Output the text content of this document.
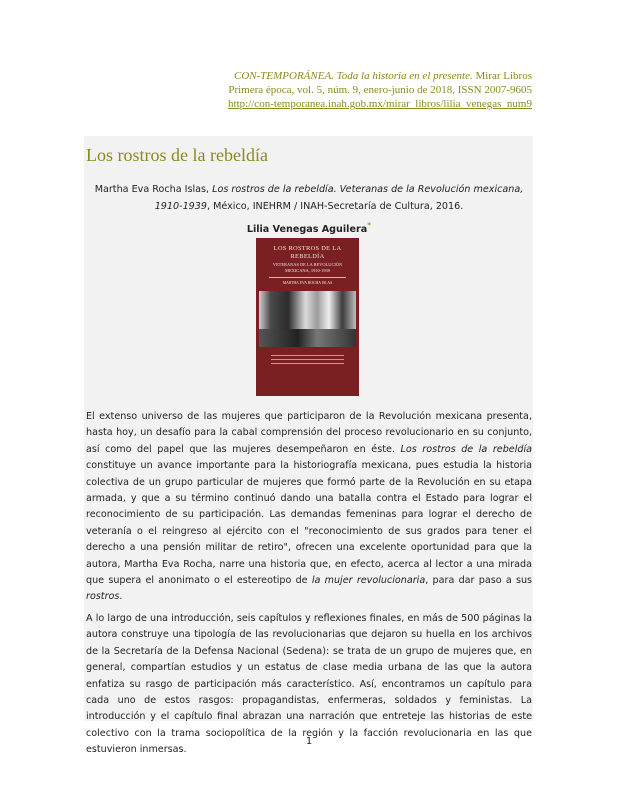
CON-TEMPORÁNEA. Toda la historia en el presente. Mirar Libros
Primera época, vol. 5, núm. 9, enero-junio de 2018, ISSN 2007-9605
http://con-temporanea.inah.gob.mx/mirar_libros/lilia_venegas_num9
Los rostros de la rebeldía
Martha Eva Rocha Islas, Los rostros de la rebeldía. Veteranas de la Revolución mexicana, 1910-1939, México, INEHRM / INAH-Secretaría de Cultura, 2016.
Lilia Venegas Aguilera*
LOS ROSTROS DE LA REBELDÍA
VETERANAS DE LA REVOLUCIÓN MEXICANA, 1910-1939
MARTHA EVA ROCHA ISLAS

El extenso universo de las mujeres que participaron de la Revolución mexicana presenta, hasta hoy, un desafío para la cabal comprensión del proceso revolucionario en su conjunto, así como del papel que las mujeres desempeñaron en éste. Los rostros de la rebeldía constituye un avance importante para la historiografía mexicana, pues estudia la historia colectiva de un grupo particular de mujeres que formó parte de la Revolución en su etapa armada, y que a su término continuó dando una batalla contra el Estado para lograr el reconocimiento de su participación. Las demandas femeninas para lograr el derecho de veteranía o el reingreso al ejército con el "reconocimiento de sus grados para tener el derecho a una pensión militar de retiro", ofrecen una excelente oportunidad para que la autora, Martha Eva Rocha, narre una historia que, en efecto, acerca al lector a una mirada que supera el anonimato o el estereotipo de la mujer revolucionaria, para dar paso a sus rostros.

A lo largo de una introducción, seis capítulos y reflexiones finales, en más de 500 páginas la autora construye una tipología de las revolucionarias que dejaron su huella en los archivos de la Secretaría de la Defensa Nacional (Sedena): se trata de un grupo de mujeres que, en general, compartían estudios y un estatus de clase media urbana de las que la autora enfatiza su rasgo de participación más característico. Así, encontramos un capítulo para cada uno de estos rasgos: propagandistas, enfermeras, soldados y feministas. La introducción y el capítulo final abrazan una narración que entreteje las historias de este colectivo con la trama sociopolítica de la región y la facción revolucionaria en las que estuvieron inmersas.

1
